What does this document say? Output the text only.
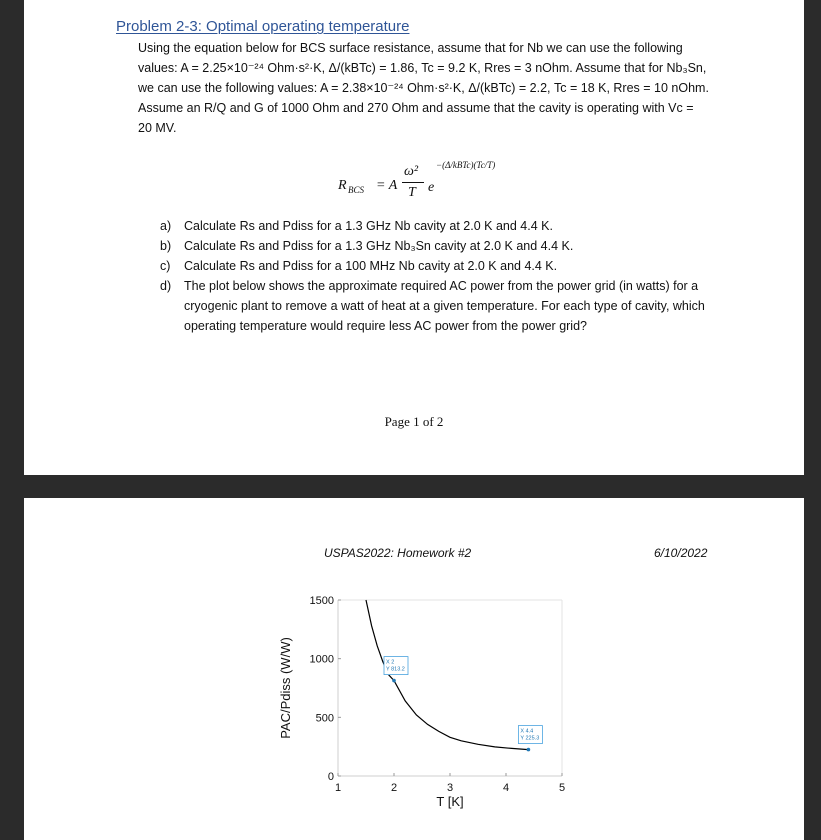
Problem 2-3: Optimal operating temperature
Using the equation below for BCS surface resistance, assume that for Nb we can use the following
values: A = 2.25×10⁻²⁴ Ohm·s²·K, Δ/(kBTc) = 1.86, Tc = 9.2 K, Rres = 3 nOhm. Assume that for Nb₃Sn,
we can use the following values: A = 2.38×10⁻²⁴ Ohm·s²·K, Δ/(kBTc) = 2.2, Tc = 18 K, Rres = 10 nOhm.
Assume an R/Q and G of 1000 Ohm and 270 Ohm and assume that the cavity is operating with Vc =
20 MV.
R BCS = A
ω²
T e
−(Δ/kBTc)(Tc/T)
a) Calculate Rs and Pdiss for a 1.3 GHz Nb cavity at 2.0 K and 4.4 K.
b) Calculate Rs and Pdiss for a 1.3 GHz Nb₃Sn cavity at 2.0 K and 4.4 K.
c) Calculate Rs and Pdiss for a 100 MHz Nb cavity at 2.0 K and 4.4 K.
d) The plot below shows the approximate required AC power from the power grid (in watts) for a cryogenic plant to remove a watt of heat at a given temperature. For each type of cavity, which operating temperature would require less AC power from the power grid?
Page 1 of 2
USPAS2022: Homework #2	6/10/2022
1	2	3	4	5
0
500
1000
1500
X 2
Y 813.2
X 4.4
Y 225.3
T [K]
PAC/Pdiss (W/W)
